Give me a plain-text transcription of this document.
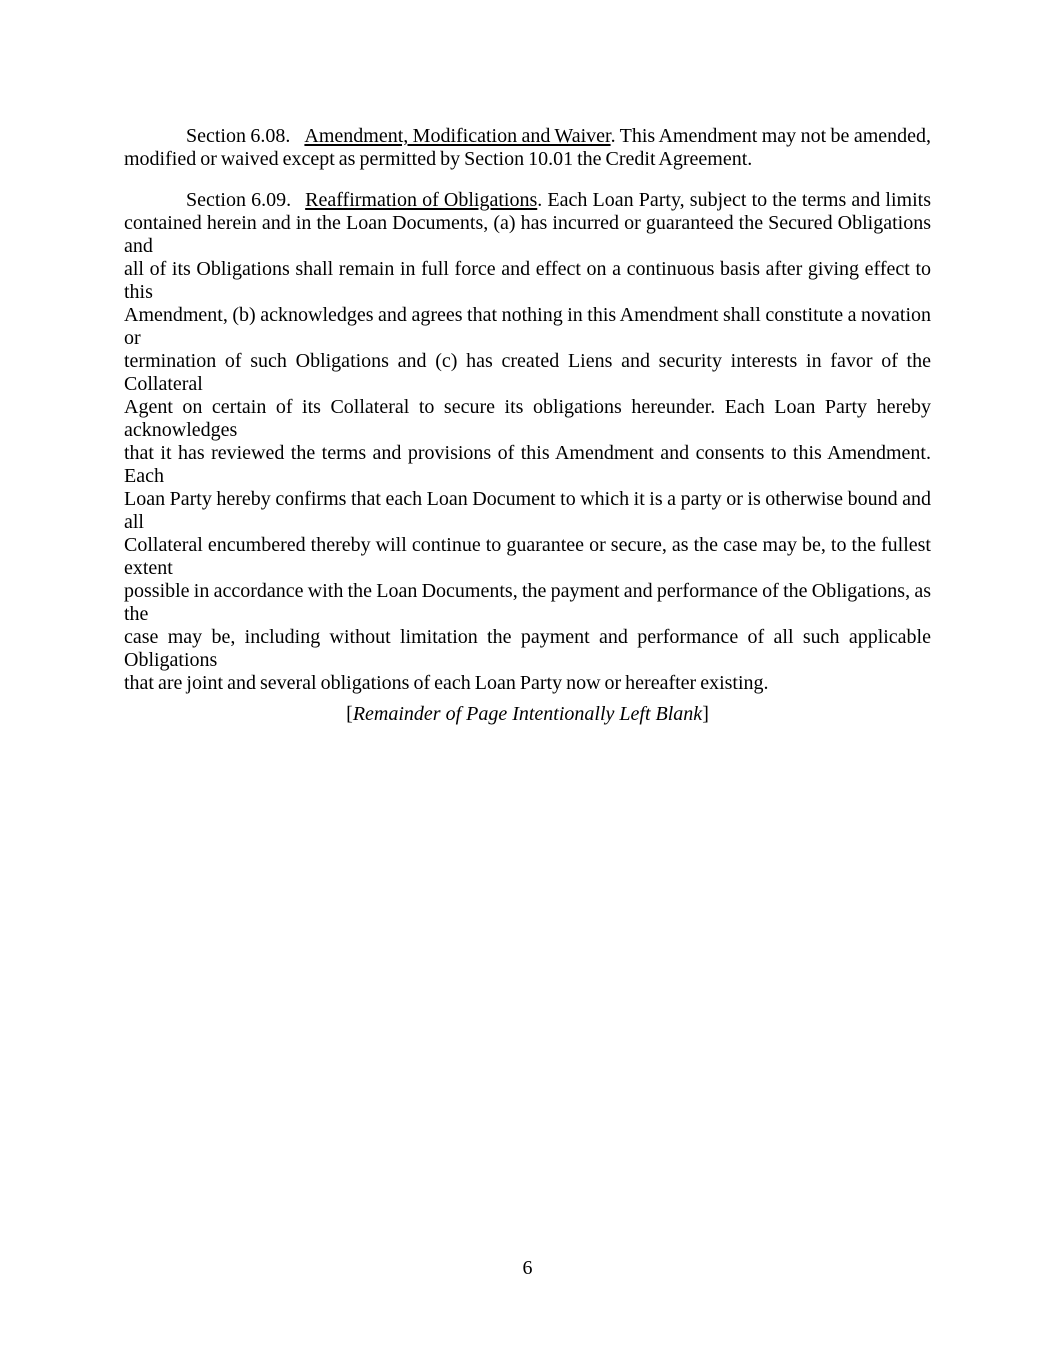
Section 6.08. Amendment, Modification and Waiver. This Amendment may not be amended,
modified or waived except as permitted by Section 10.01 the Credit Agreement.
Section 6.09. Reaffirmation of Obligations. Each Loan Party, subject to the terms and limits
contained herein and in the Loan Documents, (a) has incurred or guaranteed the Secured Obligations and
all of its Obligations shall remain in full force and effect on a continuous basis after giving effect to this
Amendment, (b) acknowledges and agrees that nothing in this Amendment shall constitute a novation or
termination of such Obligations and (c) has created Liens and security interests in favor of the Collateral
Agent on certain of its Collateral to secure its obligations hereunder. Each Loan Party hereby acknowledges
that it has reviewed the terms and provisions of this Amendment and consents to this Amendment. Each
Loan Party hereby confirms that each Loan Document to which it is a party or is otherwise bound and all
Collateral encumbered thereby will continue to guarantee or secure, as the case may be, to the fullest extent
possible in accordance with the Loan Documents, the payment and performance of the Obligations, as the
case may be, including without limitation the payment and performance of all such applicable Obligations
that are joint and several obligations of each Loan Party now or hereafter existing.
[Remainder of Page Intentionally Left Blank]
6
